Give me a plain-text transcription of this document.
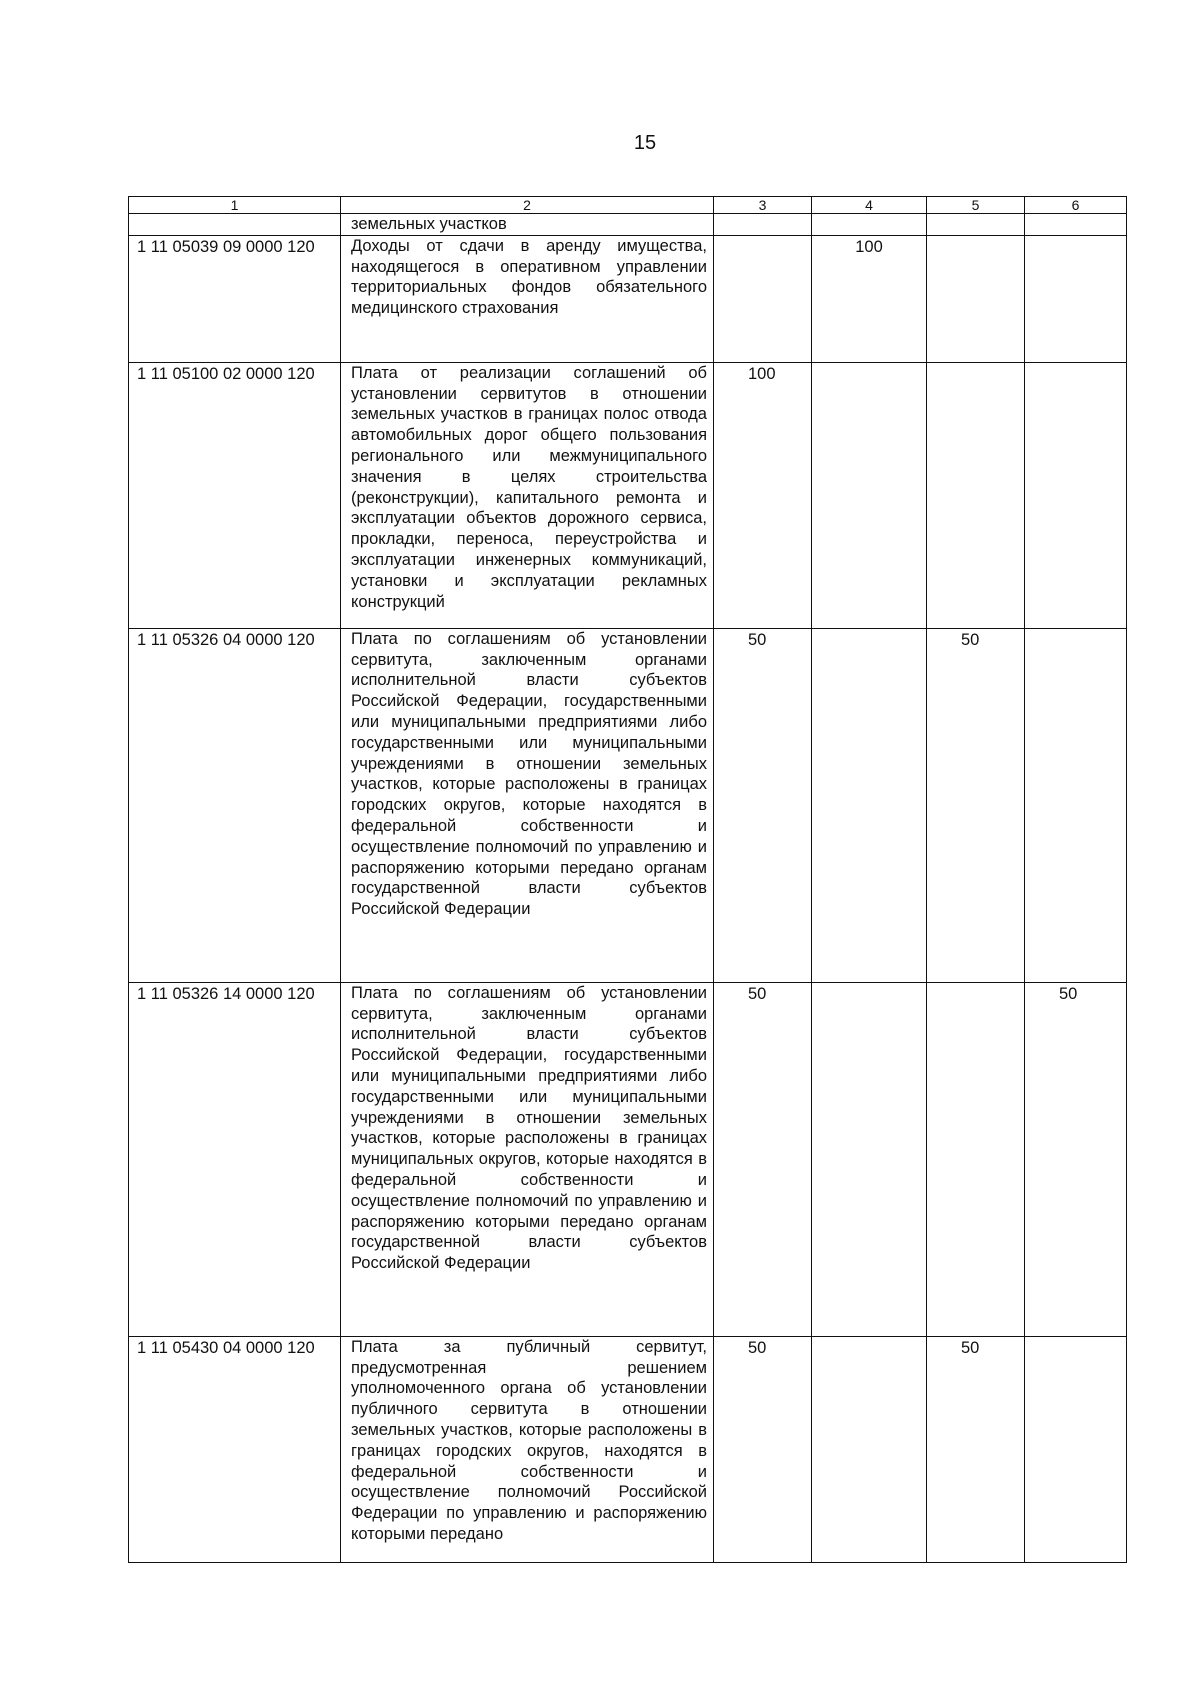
15
1	2	3	4	5	6
	земельных участков				
1 11 05039 09 0000 120	Доходы от сдачи в аренду имущества, находящегося в оперативном управлении территориальных фондов обязательного медицинского страхования		100		
1 11 05100 02 0000 120	Плата от реализации соглашений об установлении сервитутов в отношении земельных участков в границах полос отвода автомобильных дорог общего пользования регионального или межмуниципального значения в целях строительства (реконструкции), капитального ремонта и эксплуатации объектов дорожного сервиса, прокладки, переноса, переустройства и эксплуатации инженерных коммуникаций, установки и эксплуатации рекламных конструкций	100			
1 11 05326 04 0000 120	Плата по соглашениям об установлении сервитута, заключенным органами исполнительной власти субъектов Российской Федерации, государственными или муниципальными предприятиями либо государственными или муниципальными учреждениями в отношении земельных участков, которые расположены в границах городских округов, которые находятся в федеральной собственности и осуществление полномочий по управлению и распоряжению которыми передано органам государственной власти субъектов Российской Федерации	50		50	
1 11 05326 14 0000 120	Плата по соглашениям об установлении сервитута, заключенным органами исполнительной власти субъектов Российской Федерации, государственными или муниципальными предприятиями либо государственными или муниципальными учреждениями в отношении земельных участков, которые расположены в границах муниципальных округов, которые находятся в федеральной собственности и осуществление полномочий по управлению и распоряжению которыми передано органам государственной власти субъектов Российской Федерации	50			50
1 11 05430 04 0000 120	Плата за публичный сервитут, предусмотренная решением уполномоченного органа об установлении публичного сервитута в отношении земельных участков, которые расположены в границах городских округов, находятся в федеральной собственности и осуществление полномочий Российской Федерации по управлению и распоряжению которыми передано	50		50	
